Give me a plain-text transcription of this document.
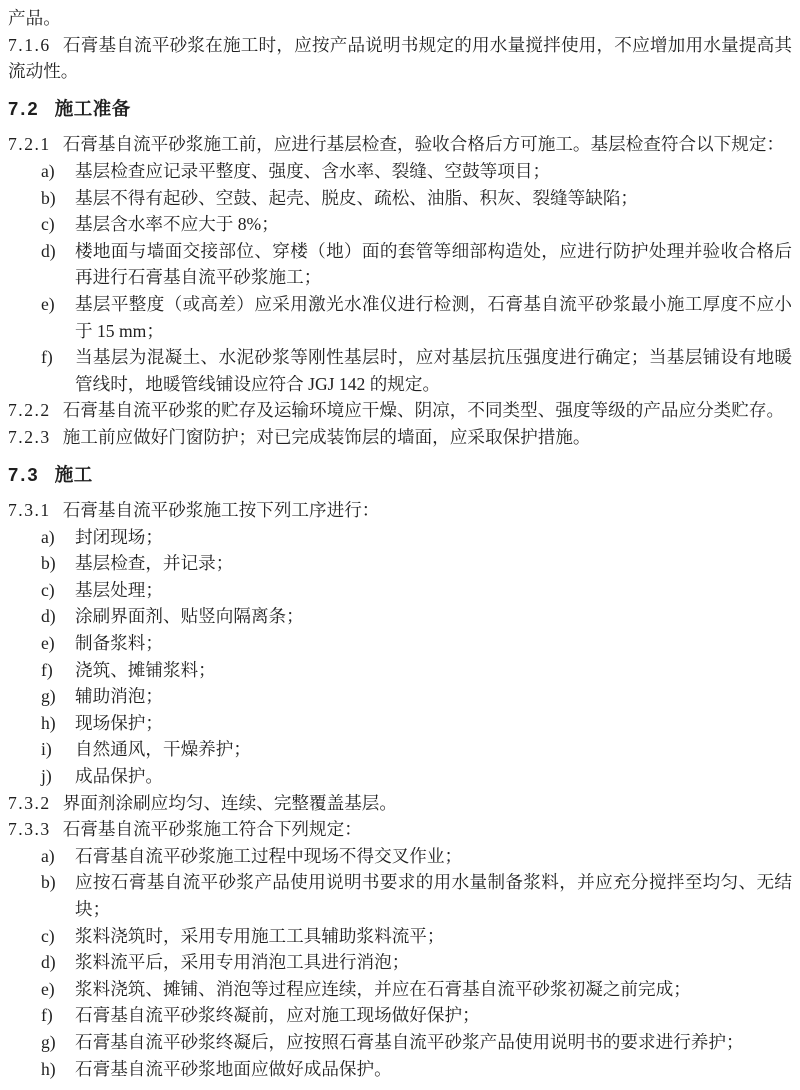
产品。

7.1.6 石膏基自流平砂浆在施工时，应按产品说明书规定的用水量搅拌使用，不应增加用水量提高其流动性。

7.2 施工准备

7.2.1 石膏基自流平砂浆施工前，应进行基层检查，验收合格后方可施工。基层检查符合以下规定：

a) 基层检查应记录平整度、强度、含水率、裂缝、空鼓等项目；
b) 基层不得有起砂、空鼓、起壳、脱皮、疏松、油脂、积灰、裂缝等缺陷；
c) 基层含水率不应大于 8%；
d) 楼地面与墙面交接部位、穿楼（地）面的套管等细部构造处，应进行防护处理并验收合格后再进行石膏基自流平砂浆施工；
e) 基层平整度（或高差）应采用激光水准仪进行检测，石膏基自流平砂浆最小施工厚度不应小于 15 mm；
f) 当基层为混凝土、水泥砂浆等刚性基层时，应对基层抗压强度进行确定；当基层铺设有地暖管线时，地暖管线铺设应符合 JGJ 142 的规定。

7.2.2 石膏基自流平砂浆的贮存及运输环境应干燥、阴凉，不同类型、强度等级的产品应分类贮存。

7.2.3 施工前应做好门窗防护；对已完成装饰层的墙面，应采取保护措施。

7.3 施工

7.3.1 石膏基自流平砂浆施工按下列工序进行：

a) 封闭现场；
b) 基层检查，并记录；
c) 基层处理；
d) 涂刷界面剂、贴竖向隔离条；
e) 制备浆料；
f) 浇筑、摊铺浆料；
g) 辅助消泡；
h) 现场保护；
i) 自然通风，干燥养护；
j) 成品保护。

7.3.2 界面剂涂刷应均匀、连续、完整覆盖基层。

7.3.3 石膏基自流平砂浆施工符合下列规定：

a) 石膏基自流平砂浆施工过程中现场不得交叉作业；
b) 应按石膏基自流平砂浆产品使用说明书要求的用水量制备浆料，并应充分搅拌至均匀、无结块；
c) 浆料浇筑时，采用专用施工工具辅助浆料流平；
d) 浆料流平后，采用专用消泡工具进行消泡；
e) 浆料浇筑、摊铺、消泡等过程应连续，并应在石膏基自流平砂浆初凝之前完成；
f) 石膏基自流平砂浆终凝前，应对施工现场做好保护；
g) 石膏基自流平砂浆终凝后，应按照石膏基自流平砂浆产品使用说明书的要求进行养护；
h) 石膏基自流平砂浆地面应做好成品保护。
